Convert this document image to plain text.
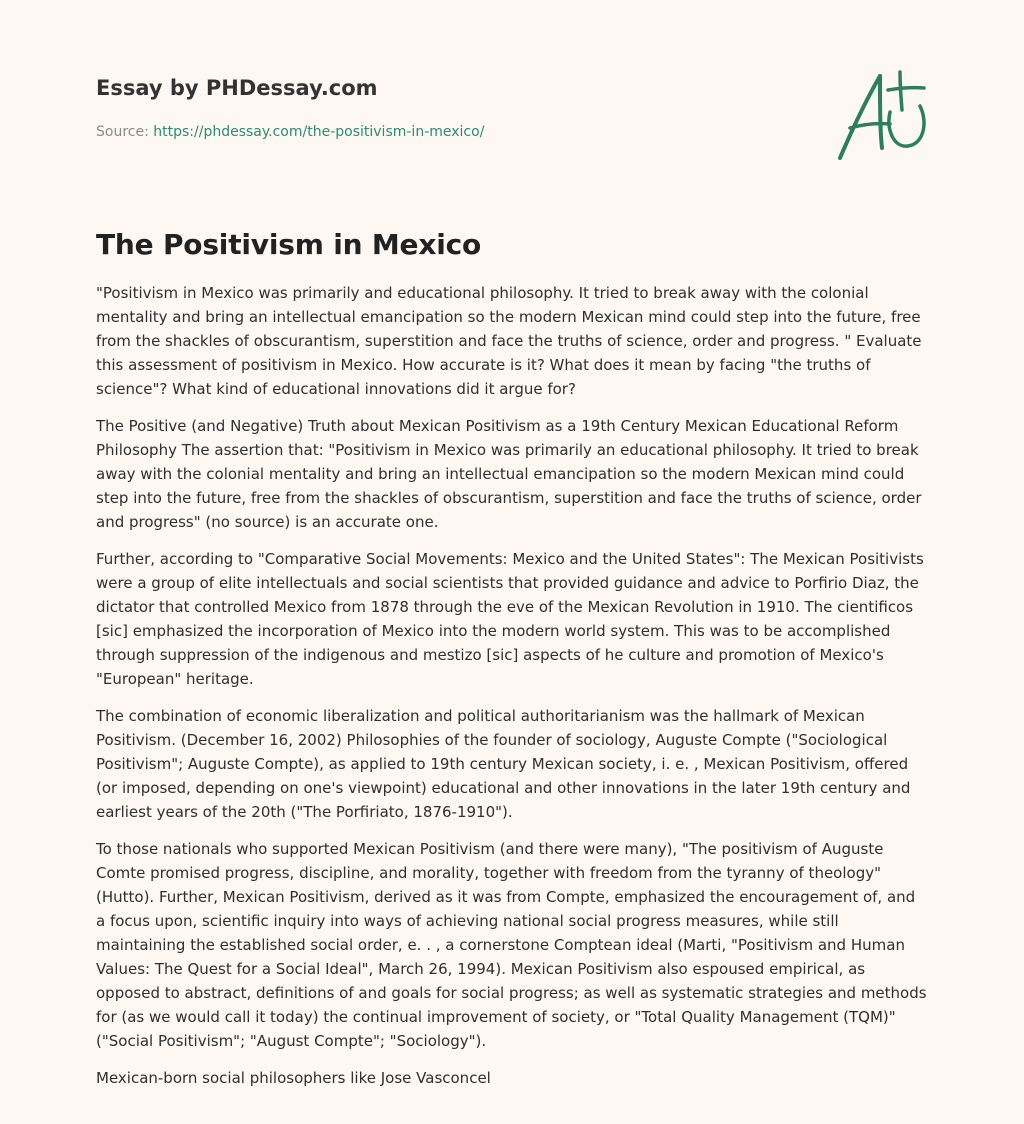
Essay by PHDessay.com
Source: https://phdessay.com/the-positivism-in-mexico/
The Positivism in Mexico

"Positivism in Mexico was primarily and educational philosophy. It tried to break away with the colonial mentality and bring an intellectual emancipation so the modern Mexican mind could step into the future, free from the shackles of obscurantism, superstition and face the truths of science, order and progress. " Evaluate this assessment of positivism in Mexico. How accurate is it? What does it mean by facing "the truths of science"? What kind of educational innovations did it argue for?

The Positive (and Negative) Truth about Mexican Positivism as a 19th Century Mexican Educational Reform Philosophy The assertion that: "Positivism in Mexico was primarily an educational philosophy. It tried to break away with the colonial mentality and bring an intellectual emancipation so the modern Mexican mind could step into the future, free from the shackles of obscurantism, superstition and face the truths of science, order and progress" (no source) is an accurate one.

Further, according to "Comparative Social Movements: Mexico and the United States": The Mexican Positivists were a group of elite intellectuals and social scientists that provided guidance and advice to Porfirio Diaz, the dictator that controlled Mexico from 1878 through the eve of the Mexican Revolution in 1910. The cientificos [sic] emphasized the incorporation of Mexico into the modern world system. This was to be accomplished through suppression of the indigenous and mestizo [sic] aspects of he culture and promotion of Mexico's "European" heritage.

The combination of economic liberalization and political authoritarianism was the hallmark of Mexican Positivism. (December 16, 2002) Philosophies of the founder of sociology, Auguste Compte ("Sociological Positivism"; Auguste Compte), as applied to 19th century Mexican society, i. e. , Mexican Positivism, offered (or imposed, depending on one's viewpoint) educational and other innovations in the later 19th century and earliest years of the 20th ("The Porfiriato, 1876-1910").

To those nationals who supported Mexican Positivism (and there were many), "The positivism of Auguste Comte promised progress, discipline, and morality, together with freedom from the tyranny of theology" (Hutto). Further, Mexican Positivism, derived as it was from Compte, emphasized the encouragement of, and a focus upon, scientific inquiry into ways of achieving national social progress measures, while still maintaining the established social order, e. . , a cornerstone Comptean ideal (Marti, "Positivism and Human Values: The Quest for a Social Ideal", March 26, 1994). Mexican Positivism also espoused empirical, as opposed to abstract, definitions of and goals for social progress; as well as systematic strategies and methods for (as we would call it today) the continual improvement of society, or "Total Quality Management (TQM)" ("Social Positivism"; "August Compte"; "Sociology").

Mexican-born social philosophers like Jose Vasconcel
